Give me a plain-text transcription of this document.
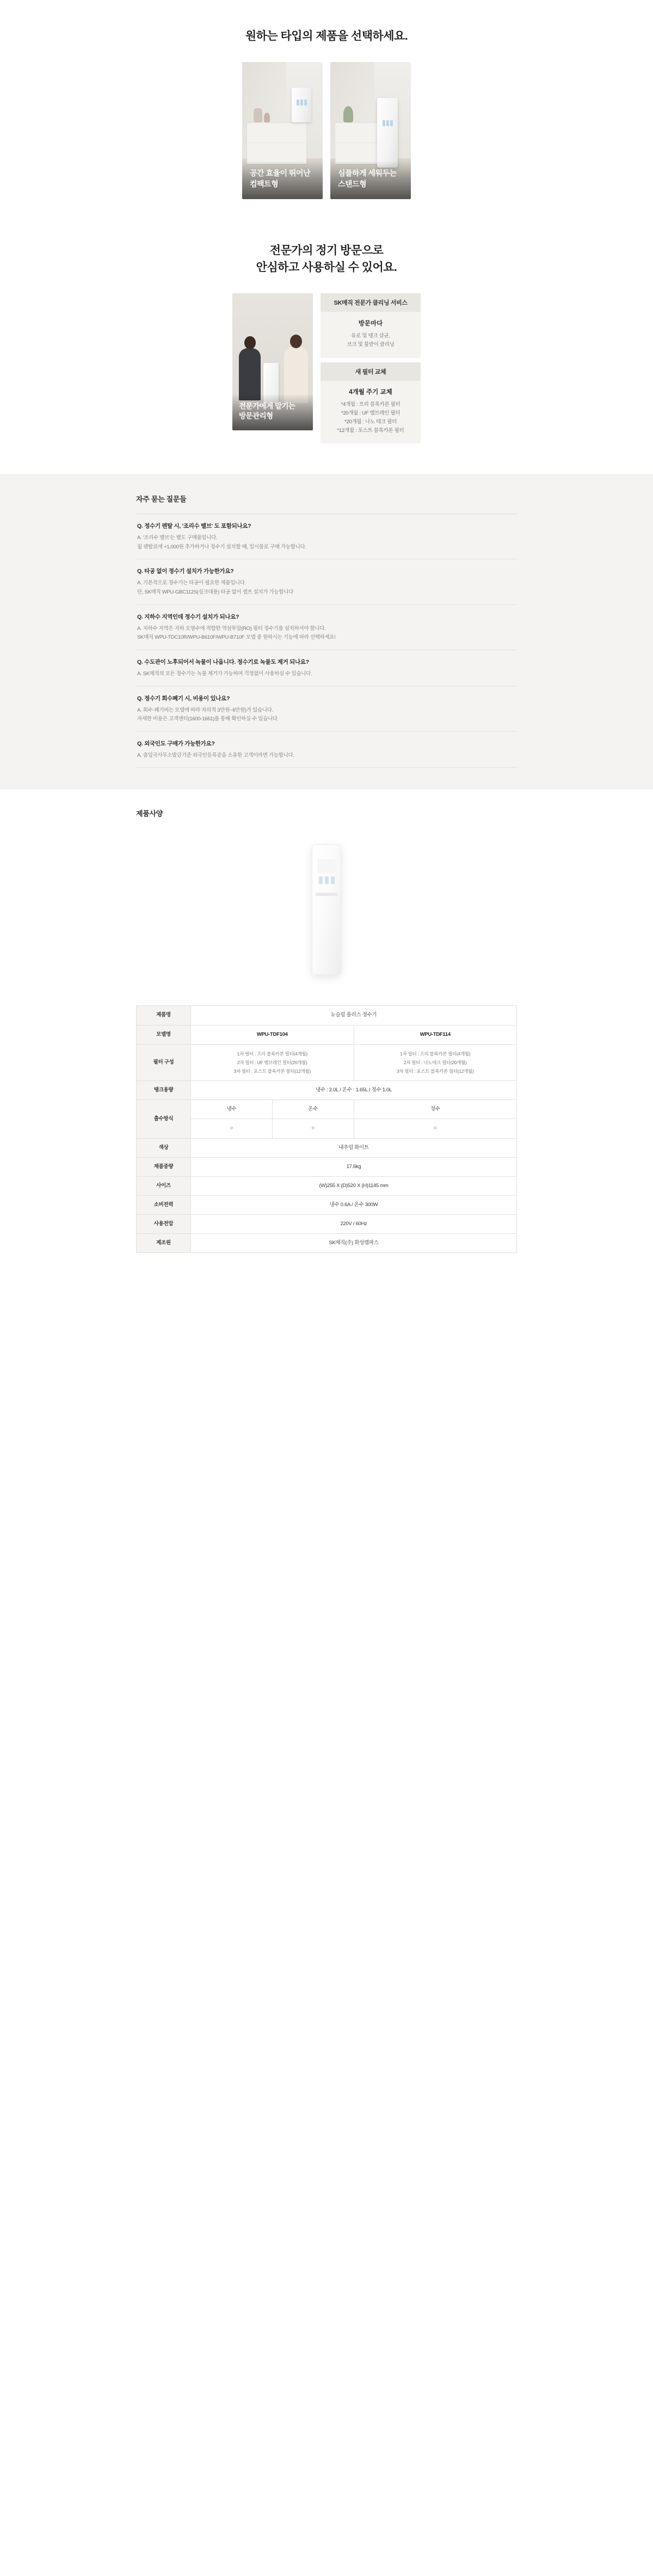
원하는 타입의 제품을 선택하세요.
공간 효율이 뛰어난
컴팩트형
심플하게 세워두는
스탠드형
전문가의 정기 방문으로
안심하고 사용하실 수 있어요.
전문가에게 맡기는
방문관리형
SK매직 전문가 클리닝 서비스
방문마다
유로 및 탱크 살균,
코크 및 물받이 클리닝
새 필터 교체
4개월 주기 교체
*4개월 : 프리 블록카본 필터
*20개월 : UF 멤브레인 필터
*20개월 : 나노 테크 필터
*12개월 : 포스트 블록카본 필터
자주 묻는 질문들
Q. 정수기 렌탈 시, '조리수 밸브' 도 포함되나요?
A. '조리수 밸브'는 별도 구매품입니다.
월 렌탈료에 +1,000원 추가하거나 정수기 설치할 때, 일시불로 구매 가능합니다.
Q. 타공 없이 정수기 설치가 가능한가요?
A. 기본적으로 정수기는 타공이 필요한 제품입니다.
단, SK매직 WPU-GBC112S(싱크대용) 타공 없이 셀프 설치가 가능합니다
Q. 지하수 지역인데 정수기 설치가 되나요?
A. 지하수 지역은 지하 오염수에 적합한 역삼투압(RO) 필터 정수기를 설치하셔야 합니다.
SK매직 WPU-TDC10R/WPU-B610F/WPU-B710F 모델 중 원하시는 기능에 따라 선택하세요!
Q. 수도관이 노후되어서 녹물이 나옵니다. 정수기로 녹물도 제거 되나요?
A. SK매직의 모든 정수기는 녹물 제거가 가능하며 걱정없이 사용하실 수 있습니다.
Q. 정수기 회수폐기 시, 비용이 있나요?
A. 회수·폐기비는 모델에 따라 자의적 3만원~6만원)가 있습니다.
자세한 비용은 고객센터(1600-1661)를 통해 확인하실 수 있습니다.
Q. 외국인도 구매가 가능한가요?
A. 출입국사무소발급기준 외국인등록증을 소유한 고객이라면 가능합니다.
제품사양
제품명	뉴슬림 플러스 정수기		
모델명	WPU-TDF104		WPU-TDF114
필터 구성	1차 필터 : 프리 블록카본 필터(4개월)
2차 필터 : UF 멤브레인 필터(20개월)
3차 필터 : 포스트 블록카본 필터(12개월)		1차 필터 : 프리 블록카본 필터(4개월)
2차 필터 : 나노테크 필터(20개월)
3차 필터 : 포스트 블록카본 필터(12개월)

탱크용량	냉수 : 2.0L / 온수 : 1.65L / 정수 1.0L		
출수방식	냉수	온수	정수
	○	○	○
색상	내추럴 화이트		
제품중량	17.6kg		
사이즈	(W)255 X (D)520 X (H)1145 mm		
소비전력	냉수 0.6A / 온수 300W		
사용전압	220V / 60Hz		
제조원	SK매직(주) 화성램파스		
